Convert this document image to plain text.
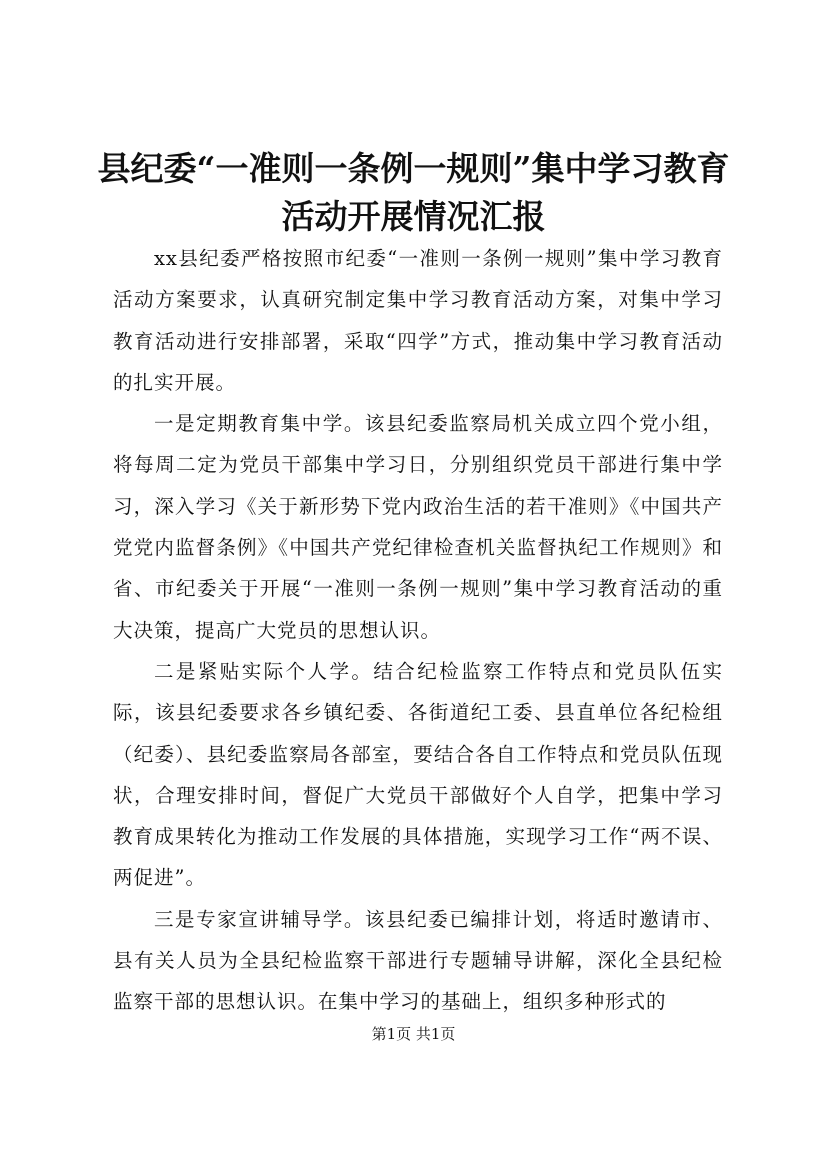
县纪委“一准则一条例一规则”集中学习教育
活动开展情况汇报

xx县纪委严格按照市纪委“一准则一条例一规则”集中学习教育活动方案要求，认真研究制定集中学习教育活动方案，对集中学习教育活动进行安排部署，采取“四学”方式，推动集中学习教育活动的扎实开展。

一是定期教育集中学。该县纪委监察局机关成立四个党小组，将每周二定为党员干部集中学习日，分别组织党员干部进行集中学习，深入学习《关于新形势下党内政治生活的若干准则》《中国共产党党内监督条例》《中国共产党纪律检查机关监督执纪工作规则》和省、市纪委关于开展“一准则一条例一规则”集中学习教育活动的重大决策，提高广大党员的思想认识。

二是紧贴实际个人学。结合纪检监察工作特点和党员队伍实际，该县纪委要求各乡镇纪委、各街道纪工委、县直单位各纪检组（纪委）、县纪委监察局各部室，要结合各自工作特点和党员队伍现状，合理安排时间，督促广大党员干部做好个人自学，把集中学习教育成果转化为推动工作发展的具体措施，实现学习工作“两不误、两促进”。

三是专家宣讲辅导学。该县纪委已编排计划，将适时邀请市、县有关人员为全县纪检监察干部进行专题辅导讲解，深化全县纪检监察干部的思想认识。在集中学习的基础上，组织多种形式的

第1页 共1页
